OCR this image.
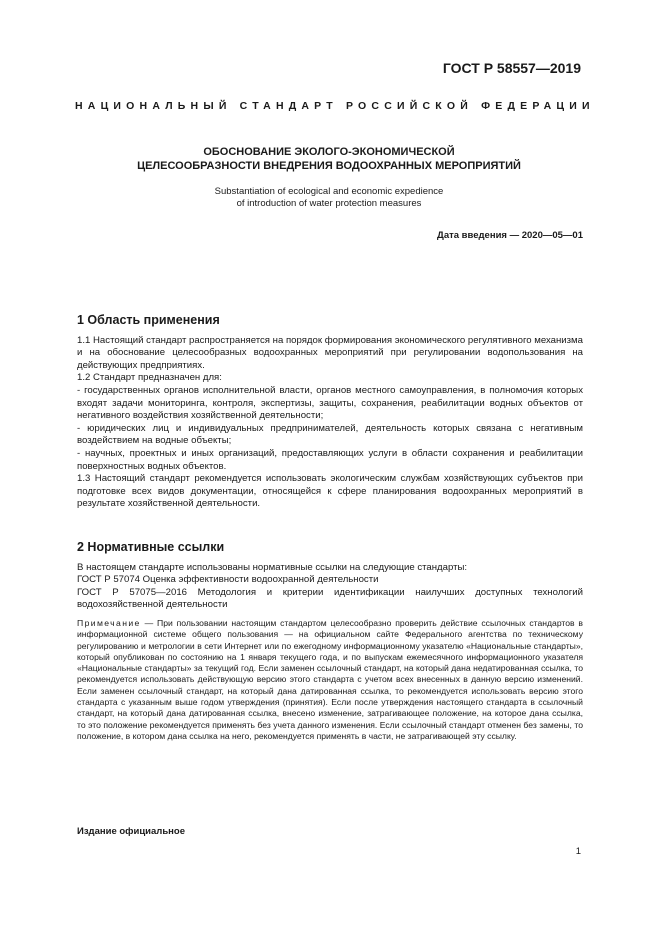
ГОСТ Р 58557—2019
НАЦИОНАЛЬНЫЙ СТАНДАРТ РОССИЙСКОЙ ФЕДЕРАЦИИ
ОБОСНОВАНИЕ ЭКОЛОГО-ЭКОНОМИЧЕСКОЙ
ЦЕЛЕСООБРАЗНОСТИ ВНЕДРЕНИЯ ВОДООХРАННЫХ МЕРОПРИЯТИЙ
Substantiation of ecological and economic expedience
of introduction of water protection measures
Дата введения — 2020—05—01
1 Область применения

1.1 Настоящий стандарт распространяется на порядок формирования экономического регулятивного механизма и на обоснование целесообразных водоохранных мероприятий при регулировании водопользования на действующих предприятиях.

1.2 Стандарт предназначен для:

- государственных органов исполнительной власти, органов местного самоуправления, в полномочия которых входят задачи мониторинга, контроля, экспертизы, защиты, сохранения, реабилитации водных объектов от негативного воздействия хозяйственной деятельности;

- юридических лиц и индивидуальных предпринимателей, деятельность которых связана с негативным воздействием на водные объекты;

- научных, проектных и иных организаций, предоставляющих услуги в области сохранения и реабилитации поверхностных водных объектов.

1.3 Настоящий стандарт рекомендуется использовать экологическим службам хозяйствующих субъектов при подготовке всех видов документации, относящейся к сфере планирования водоохранных мероприятий в результате хозяйственной деятельности.

2 Нормативные ссылки

В настоящем стандарте использованы нормативные ссылки на следующие стандарты:

ГОСТ Р 57074 Оценка эффективности водоохранной деятельности

ГОСТ Р 57075—2016 Методология и критерии идентификации наилучших доступных технологий водохозяйственной деятельности

Примечание — При пользовании настоящим стандартом целесообразно проверить действие ссылочных стандартов в информационной системе общего пользования — на официальном сайте Федерального агентства по техническому регулированию и метрологии в сети Интернет или по ежегодному информационному указателю «Национальные стандарты», который опубликован по состоянию на 1 января текущего года, и по выпускам ежемесячного информационного указателя «Национальные стандарты» за текущий год. Если заменен ссылочный стандарт, на который дана недатированная ссылка, то рекомендуется использовать действующую версию этого стандарта с учетом всех внесенных в данную версию изменений. Если заменен ссылочный стандарт, на который дана датированная ссылка, то рекомендуется использовать версию этого стандарта с указанным выше годом утверждения (принятия). Если после утверждения настоящего стандарта в ссылочный стандарт, на который дана датированная ссылка, внесено изменение, затрагивающее положение, на которое дана ссылка, то это положение рекомендуется применять без учета данного изменения. Если ссылочный стандарт отменен без замены, то положение, в котором дана ссылка на него, рекомендуется применять в части, не затрагивающей эту ссылку.

Издание официальное
1
